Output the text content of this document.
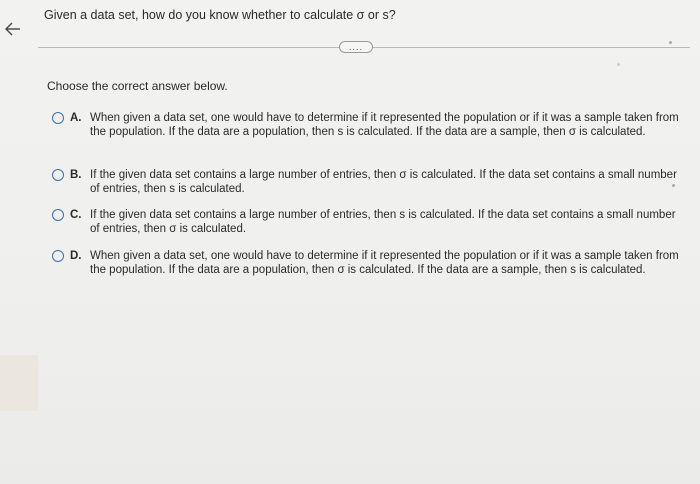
Given a data set, how do you know whether to calculate σ or s?
....
Choose the correct answer below.
A. When given a data set, one would have to determine if it represented the population or if it was a sample taken from the population. If the data are a population, then s is calculated. If the data are a sample, then σ is calculated.
B. If the given data set contains a large number of entries, then σ is calculated. If the data set contains a small number of entries, then s is calculated.
C. If the given data set contains a large number of entries, then s is calculated. If the data set contains a small number of entries, then σ is calculated.
D. When given a data set, one would have to determine if it represented the population or if it was a sample taken from the population. If the data are a population, then σ is calculated. If the data are a sample, then s is calculated.
